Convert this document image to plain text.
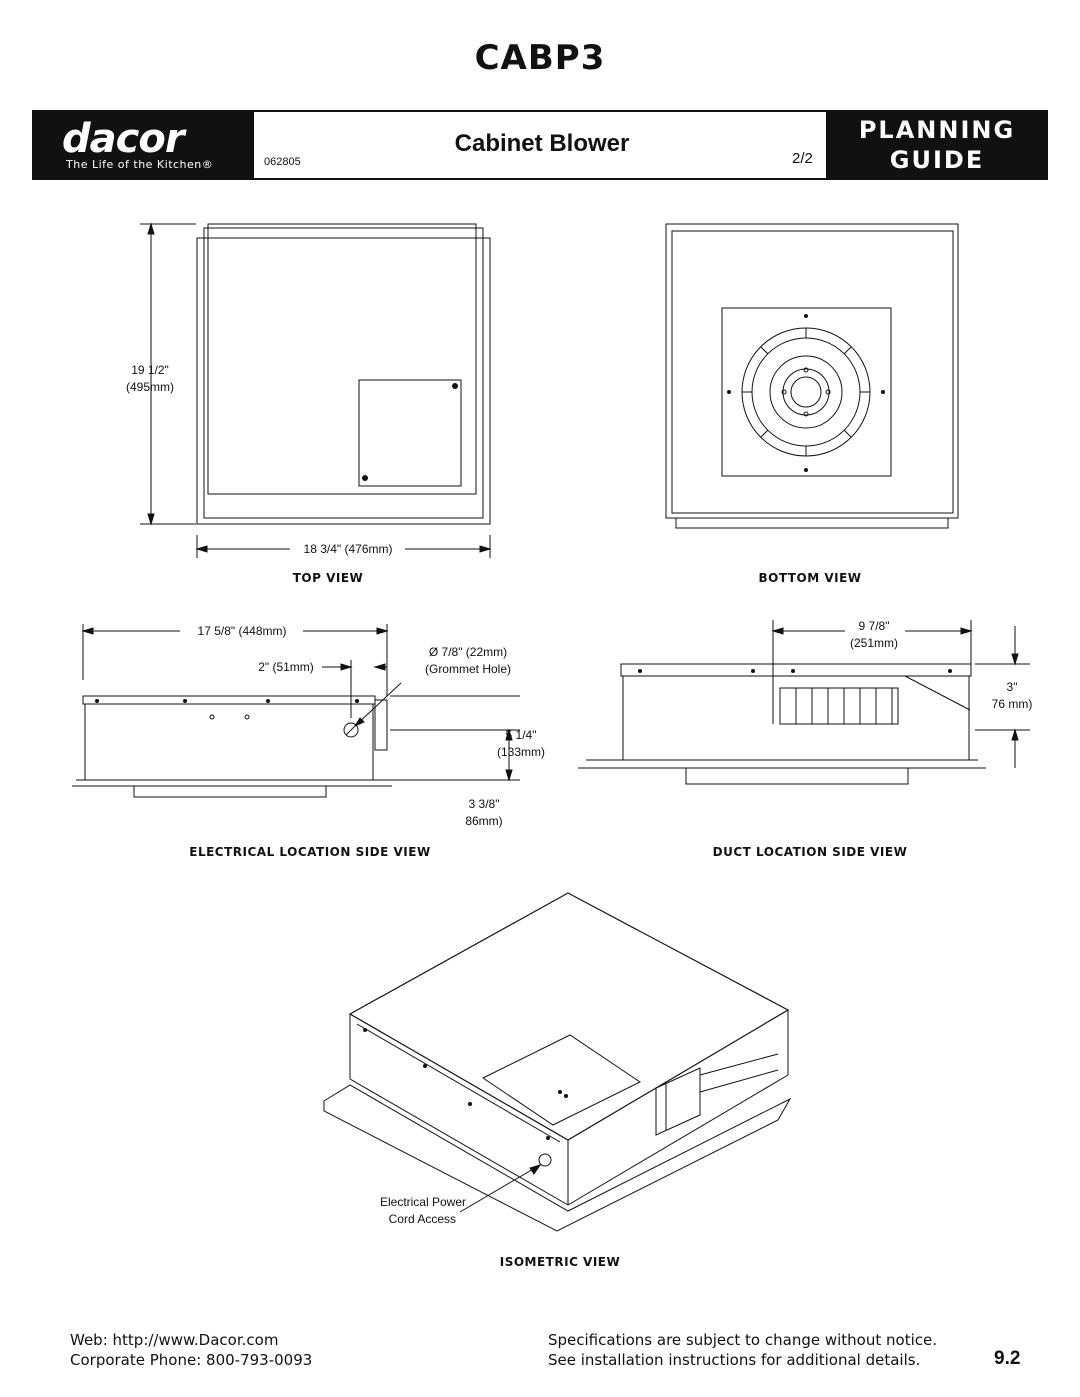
CABP3
dacor
The Life of the Kitchen®	062805
Cabinet Blower
2/2
PLANNING
GUIDE
19 1/2"
(495mm)
18 3/4" (476mm)
TOP VIEW	BOTTOM VIEW
17 5/8" (448mm)
2" (51mm)
Ø 7/8" (22mm)
(Grommet Hole)
5 1/4"
(133mm)
3 3/8"
86mm)
ELECTRICAL LOCATION SIDE VIEW
9 7/8"
(251mm)
3"
76 mm)
DUCT LOCATION SIDE VIEW
Electrical Power
Cord Access
ISOMETRIC VIEW
Web: http://www.Dacor.com
Corporate Phone: 800-793-0093
Specifications are subject to change without notice.
See installation instructions for additional details.	9.2
